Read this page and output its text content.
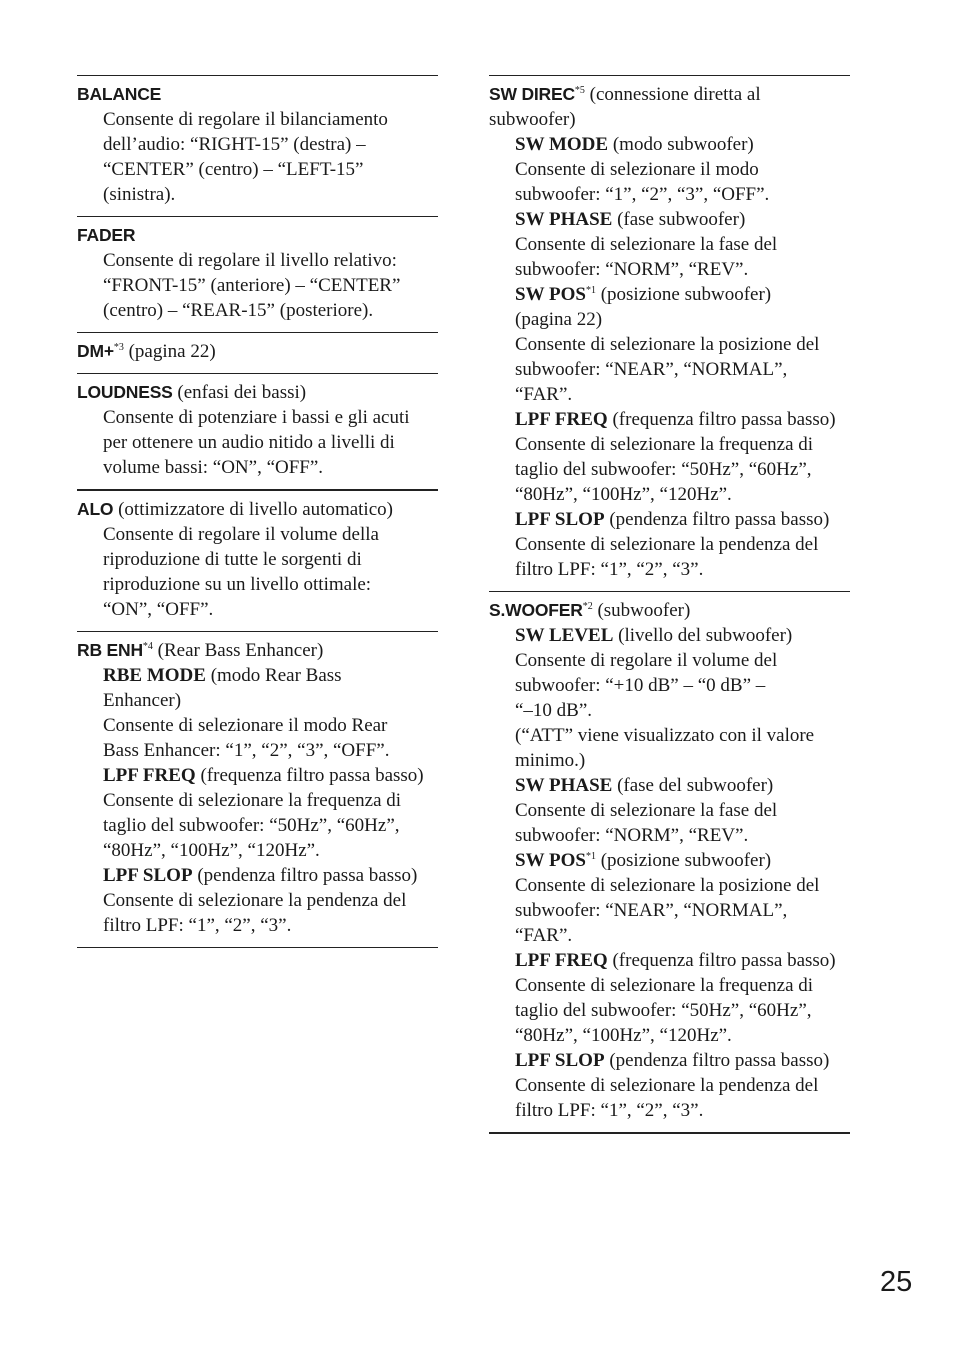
BALANCE
Consente di regolare il bilanciamento
dell’audio: “RIGHT-15” (destra) –
“CENTER” (centro) – “LEFT-15”
(sinistra).
FADER
Consente di regolare il livello relativo:
“FRONT-15” (anteriore) – “CENTER”
(centro) – “REAR-15” (posteriore).
DM+$^{*3}$ (pagina 22)
LOUDNESS (enfasi dei bassi)
Consente di potenziare i bassi e gli acuti
per ottenere un audio nitido a livelli di
volume bassi: “ON”, “OFF”.
ALO (ottimizzatore di livello automatico)
Consente di regolare il volume della
riproduzione di tutte le sorgenti di
riproduzione su un livello ottimale:
“ON”, “OFF”.
RB ENH$^{*4}$ (Rear Bass Enhancer)
RBE MODE (modo Rear Bass
Enhancer)
Consente di selezionare il modo Rear
Bass Enhancer: “1”, “2”, “3”, “OFF”.
LPF FREQ (frequenza filtro passa basso)
Consente di selezionare la frequenza di
taglio del subwoofer: “50Hz”, “60Hz”,
“80Hz”, “100Hz”, “120Hz”.
LPF SLOP (pendenza filtro passa basso)
Consente di selezionare la pendenza del
filtro LPF: “1”, “2”, “3”.
SW DIREC$^{*5}$ (connessione diretta al
subwoofer)
SW MODE (modo subwoofer)
Consente di selezionare il modo
subwoofer: “1”, “2”, “3”, “OFF”.
SW PHASE (fase subwoofer)
Consente di selezionare la fase del
subwoofer: “NORM”, “REV”.
SW POS$^{*1}$ (posizione subwoofer)
(pagina 22)
Consente di selezionare la posizione del
subwoofer: “NEAR”, “NORMAL”,
“FAR”.
LPF FREQ (frequenza filtro passa basso)
Consente di selezionare la frequenza di
taglio del subwoofer: “50Hz”, “60Hz”,
“80Hz”, “100Hz”, “120Hz”.
LPF SLOP (pendenza filtro passa basso)
Consente di selezionare la pendenza del
filtro LPF: “1”, “2”, “3”.
S.WOOFER$^{*2}$ (subwoofer)
SW LEVEL (livello del subwoofer)
Consente di regolare il volume del
subwoofer: “+10 dB” – “0 dB” –
“–10 dB”.
(“ATT” viene visualizzato con il valore
minimo.)
SW PHASE (fase del subwoofer)
Consente di selezionare la fase del
subwoofer: “NORM”, “REV”.
SW POS$^{*1}$ (posizione subwoofer)
Consente di selezionare la posizione del
subwoofer: “NEAR”, “NORMAL”,
“FAR”.
LPF FREQ (frequenza filtro passa basso)
Consente di selezionare la frequenza di
taglio del subwoofer: “50Hz”, “60Hz”,
“80Hz”, “100Hz”, “120Hz”.
LPF SLOP (pendenza filtro passa basso)
Consente di selezionare la pendenza del
filtro LPF: “1”, “2”, “3”.
25
